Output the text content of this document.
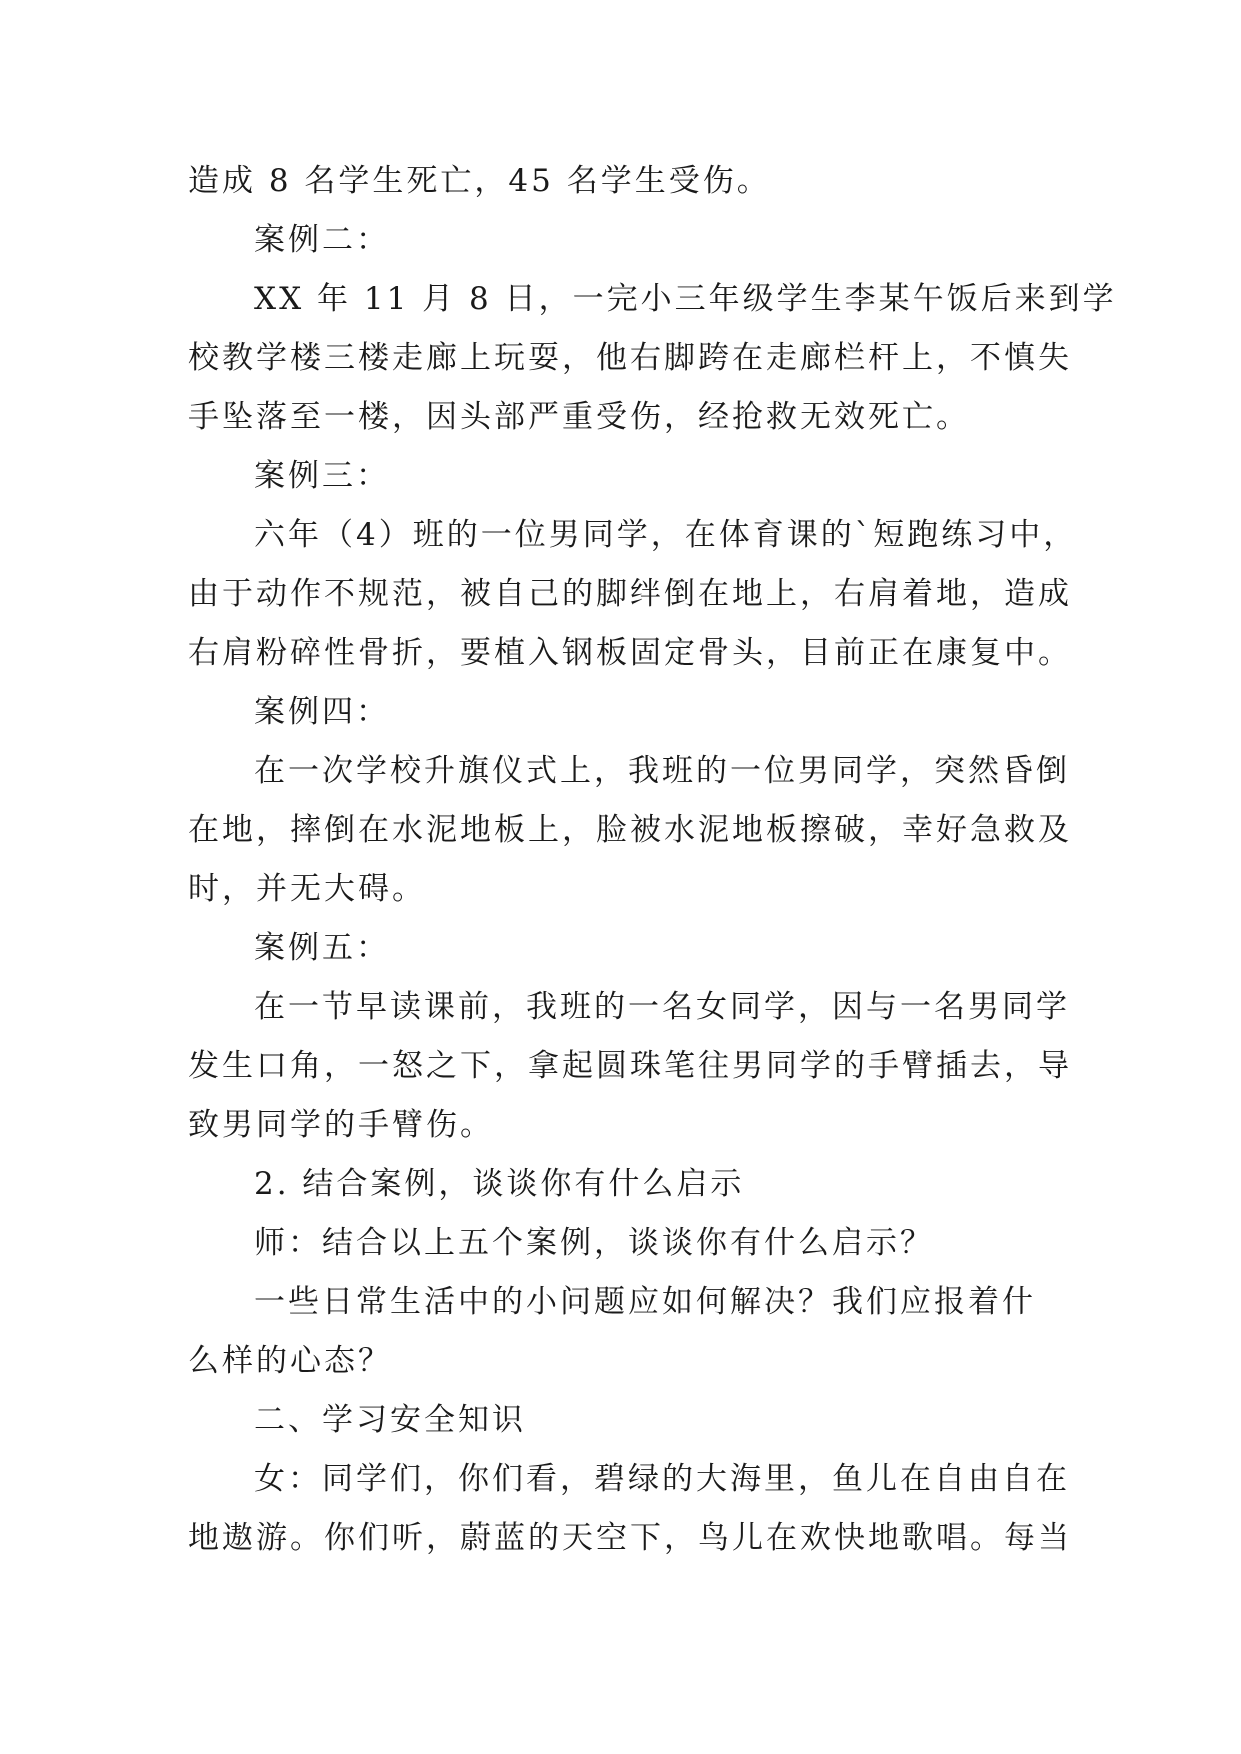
造成 8 名学生死亡，45 名学生受伤。

案例二：

XX 年 11 月 8 日，一完小三年级学生李某午饭后来到学

校教学楼三楼走廊上玩耍，他右脚跨在走廊栏杆上，不慎失

手坠落至一楼，因头部严重受伤，经抢救无效死亡。

案例三：

六年（4）班的一位男同学，在体育课的`短跑练习中，

由于动作不规范，被自己的脚绊倒在地上，右肩着地，造成

右肩粉碎性骨折，要植入钢板固定骨头，目前正在康复中。

案例四：

在一次学校升旗仪式上，我班的一位男同学，突然昏倒

在地，摔倒在水泥地板上，脸被水泥地板擦破，幸好急救及

时，并无大碍。

案例五：

在一节早读课前，我班的一名女同学，因与一名男同学

发生口角，一怒之下，拿起圆珠笔往男同学的手臂插去，导

致男同学的手臂伤。

2. 结合案例，谈谈你有什么启示

师：结合以上五个案例，谈谈你有什么启示？

一些日常生活中的小问题应如何解决？我们应报着什

么样的心态？

二、学习安全知识

女：同学们，你们看，碧绿的大海里，鱼儿在自由自在

地遨游。你们听，蔚蓝的天空下，鸟儿在欢快地歌唱。每当
